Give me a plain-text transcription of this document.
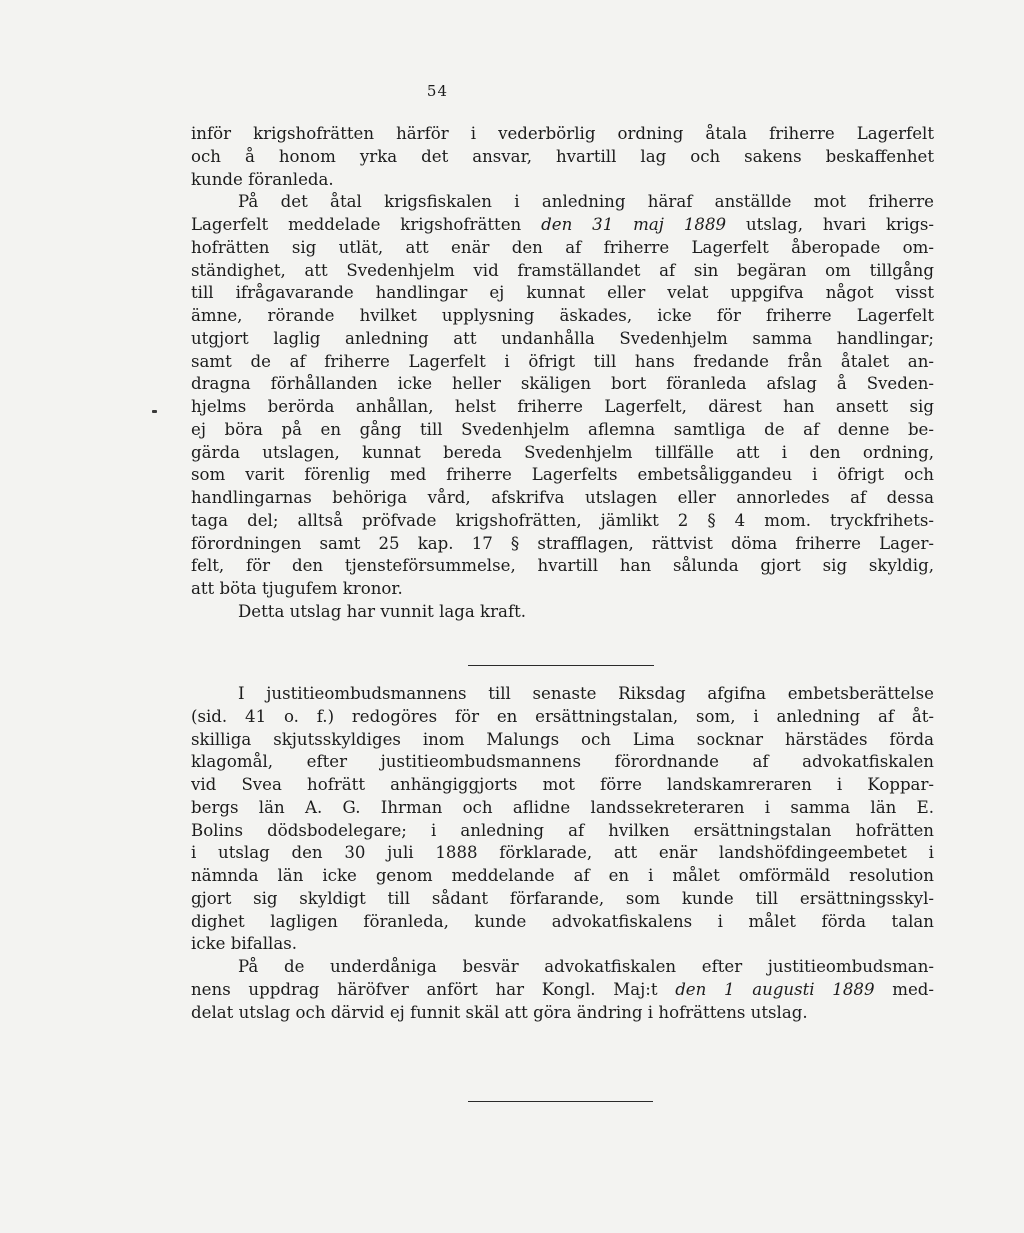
54
inför krigshofrätten härför i vederbörlig ordning åtala friherre Lagerfelt
och å honom yrka det ansvar, hvartill lag och sakens beskaffenhet
kunde föranleda.
På det åtal krigsfiskalen i anledning häraf anställde mot friherre
Lagerfelt meddelade krigshofrätten den 31 maj 1889 utslag, hvari krigs-
hofrätten sig utlät, att enär den af friherre Lagerfelt åberopade om-
ständighet, att Svedenhjelm vid framställandet af sin begäran om tillgång
till ifrågavarande handlingar ej kunnat eller velat uppgifva något visst
ämne, rörande hvilket upplysning äskades, icke för friherre Lagerfelt
utgjort laglig anledning att undanhålla Svedenhjelm samma handlingar;
samt de af friherre Lagerfelt i öfrigt till hans fredande från åtalet an-
dragna förhållanden icke heller skäligen bort föranleda afslag å Sveden-
hjelms berörda anhållan, helst friherre Lagerfelt, därest han ansett sig
ej böra på en gång till Svedenhjelm aflemna samtliga de af denne be-
gärda utslagen, kunnat bereda Svedenhjelm tillfälle att i den ordning,
som varit förenlig med friherre Lagerfelts embetsåliggandeu i öfrigt och
handlingarnas behöriga vård, afskrifva utslagen eller annorledes af dessa
taga del; alltså pröfvade krigshofrätten, jämlikt 2 § 4 mom. tryckfrihets-
förordningen samt 25 kap. 17 § strafflagen, rättvist döma friherre Lager-
felt, för den tjensteförsummelse, hvartill han sålunda gjort sig skyldig,
att böta tjugufem kronor.
Detta utslag har vunnit laga kraft.
I justitieombudsmannens till senaste Riksdag afgifna embetsberättelse
(sid. 41 o. f.) redogöres för en ersättningstalan, som, i anledning af åt-
skilliga skjutsskyldiges inom Malungs och Lima socknar härstädes förda
klagomål, efter justitieombudsmannens förordnande af advokatfiskalen
vid Svea hofrätt anhängiggjorts mot förre landskamreraren i Koppar-
bergs län A. G. Ihrman och aflidne landssekreteraren i samma län E.
Bolins dödsbodelegare; i anledning af hvilken ersättningstalan hofrätten
i utslag den 30 juli 1888 förklarade, att enär landshöfdingeembetet i
nämnda län icke genom meddelande af en i målet omförmäld resolution
gjort sig skyldigt till sådant förfarande, som kunde till ersättningsskyl-
dighet lagligen föranleda, kunde advokatfiskalens i målet förda talan
icke bifallas.
På de underdåniga besvär advokatfiskalen efter justitieombudsman-
nens uppdrag häröfver anfört har Kongl. Maj:t den 1 augusti 1889 med-
delat utslag och därvid ej funnit skäl att göra ändring i hofrättens utslag.
